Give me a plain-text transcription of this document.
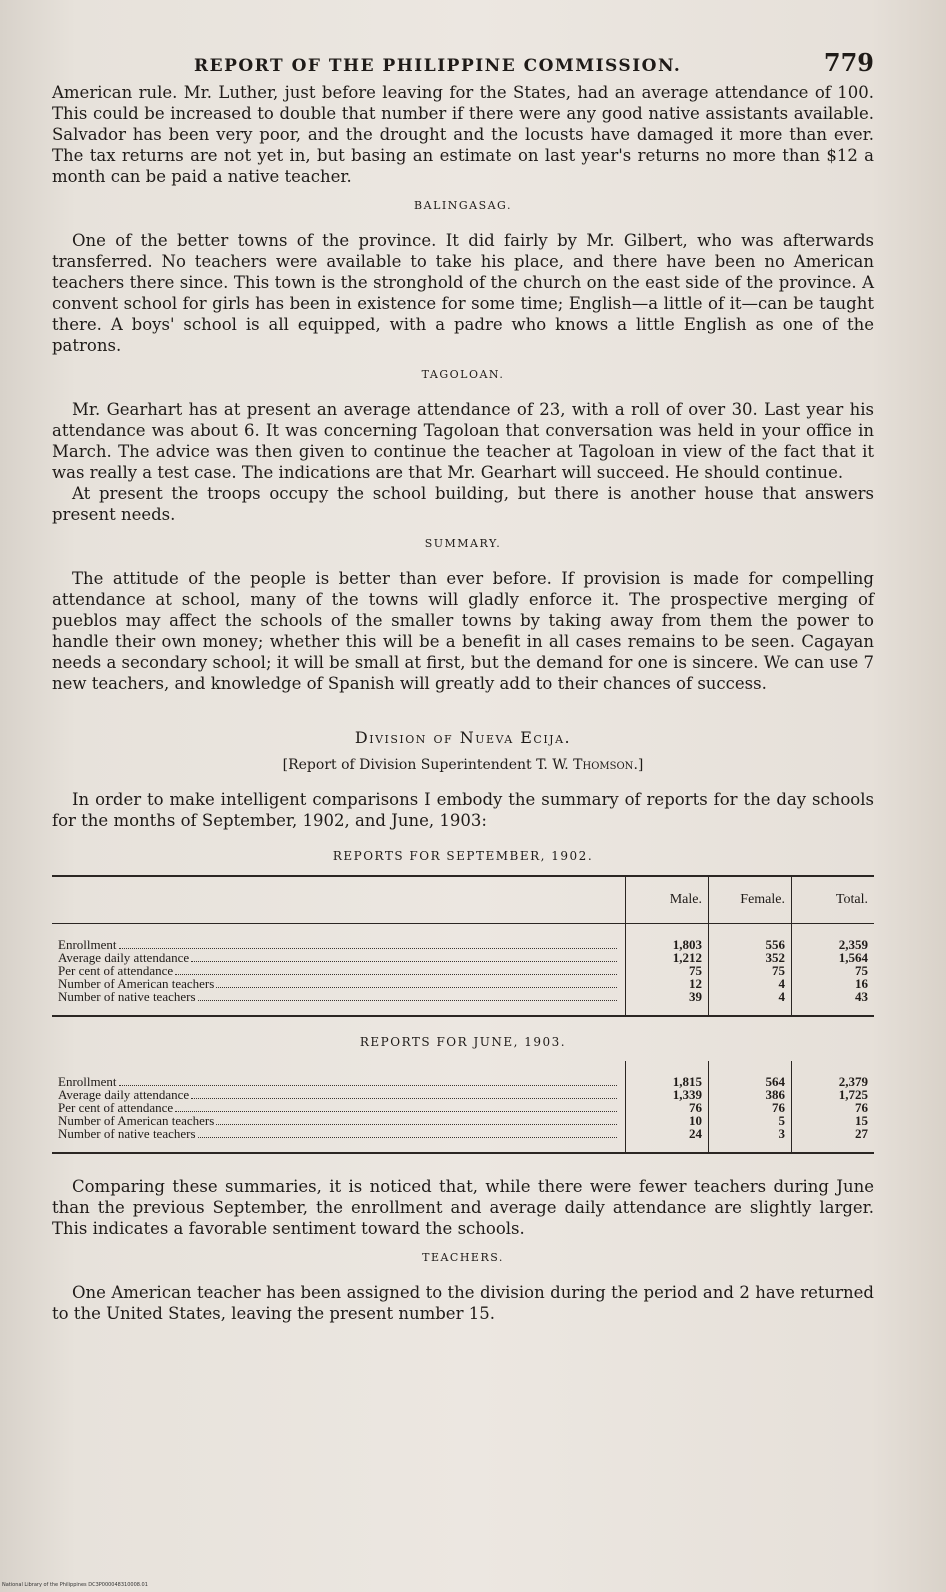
REPORT OF THE PHILIPPINE COMMISSION.	779

American rule. Mr. Luther, just before leaving for the States, had an average attendance of 100. This could be increased to double that number if there were any good native assistants available. Salvador has been very poor, and the drought and the locusts have damaged it more than ever. The tax returns are not yet in, but basing an estimate on last year's returns no more than $12 a month can be paid a native teacher.

BALINGASAG.

One of the better towns of the province. It did fairly by Mr. Gilbert, who was afterwards transferred. No teachers were available to take his place, and there have been no American teachers there since. This town is the stronghold of the church on the east side of the province. A convent school for girls has been in existence for some time; English—a little of it—can be taught there. A boys' school is all equipped, with a padre who knows a little English as one of the patrons.

TAGOLOAN.

Mr. Gearhart has at present an average attendance of 23, with a roll of over 30. Last year his attendance was about 6. It was concerning Tagoloan that conversation was held in your office in March. The advice was then given to continue the teacher at Tagoloan in view of the fact that it was really a test case. The indications are that Mr. Gearhart will succeed. He should continue.

At present the troops occupy the school building, but there is another house that answers present needs.

SUMMARY.

The attitude of the people is better than ever before. If provision is made for compelling attendance at school, many of the towns will gladly enforce it. The prospective merging of pueblos may affect the schools of the smaller towns by taking away from them the power to handle their own money; whether this will be a benefit in all cases remains to be seen. Cagayan needs a secondary school; it will be small at first, but the demand for one is sincere. We can use 7 new teachers, and knowledge of Spanish will greatly add to their chances of success.

Division of Nueva Ecija.
[Report of Division Superintendent T. W. Thomson.]

In order to make intelligent comparisons I embody the summary of reports for the day schools for the months of September, 1902, and June, 1903:

REPORTS FOR SEPTEMBER, 1902.
	Male.	Female.	Total.
Enrollment	1,803	556	2,359
Average daily attendance	1,212	352	1,564
Per cent of attendance	75	75	75
Number of American teachers	12	4	16
Number of native teachers	39	4	43
REPORTS FOR JUNE, 1903.
Enrollment	1,815	564	2,379
Average daily attendance	1,339	386	1,725
Per cent of attendance	76	76	76
Number of American teachers	10	5	15
Number of native teachers	24	3	27

Comparing these summaries, it is noticed that, while there were fewer teachers during June than the previous September, the enrollment and average daily attendance are slightly larger. This indicates a favorable sentiment toward the schools.

TEACHERS.

One American teacher has been assigned to the division during the period and 2 have returned to the United States, leaving the present number 15.

National Library of the Philippines DC3P000048310008.01
